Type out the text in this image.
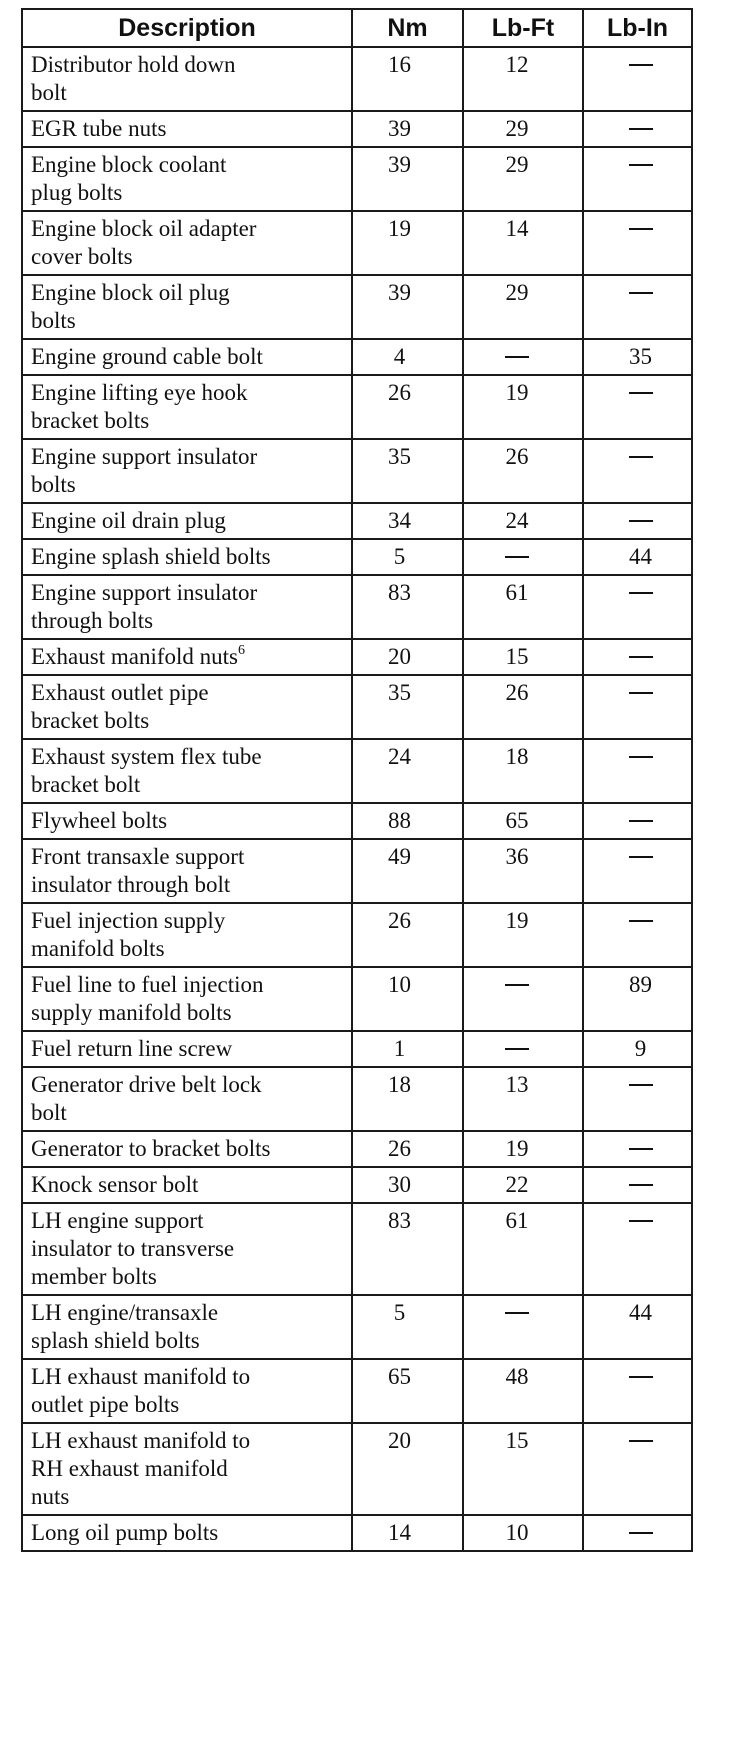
Description	Nm	Lb-Ft	Lb-In

Distributor hold down
bolt	16	12	

EGR tube nuts	39	29	

Engine block coolant
plug bolts	39	29	

Engine block oil adapter
cover bolts	19	14	

Engine block oil plug
bolts	39	29	

Engine ground cable bolt	4		35

Engine lifting eye hook
bracket bolts	26	19	

Engine support insulator
bolts	35	26	

Engine oil drain plug	34	24	

Engine splash shield bolts	5		44

Engine support insulator
through bolts	83	61	
Exhaust manifold nuts$^6$	20	15	

Exhaust outlet pipe
bracket bolts	35	26	

Exhaust system flex tube
bracket bolt	24	18	

Flywheel bolts	88	65	

Front transaxle support
insulator through bolt	49	36	

Fuel injection supply
manifold bolts	26	19	

Fuel line to fuel injection
supply manifold bolts	10		89

Fuel return line screw	1		9

Generator drive belt lock
bolt	18	13	

Generator to bracket bolts	26	19	

Knock sensor bolt	30	22	

LH engine support
insulator to transverse
member bolts	83	61	

LH engine/transaxle
splash shield bolts	5		44

LH exhaust manifold to
outlet pipe bolts	65	48	

LH exhaust manifold to
RH exhaust manifold
nuts	20	15	

Long oil pump bolts	14	10	
